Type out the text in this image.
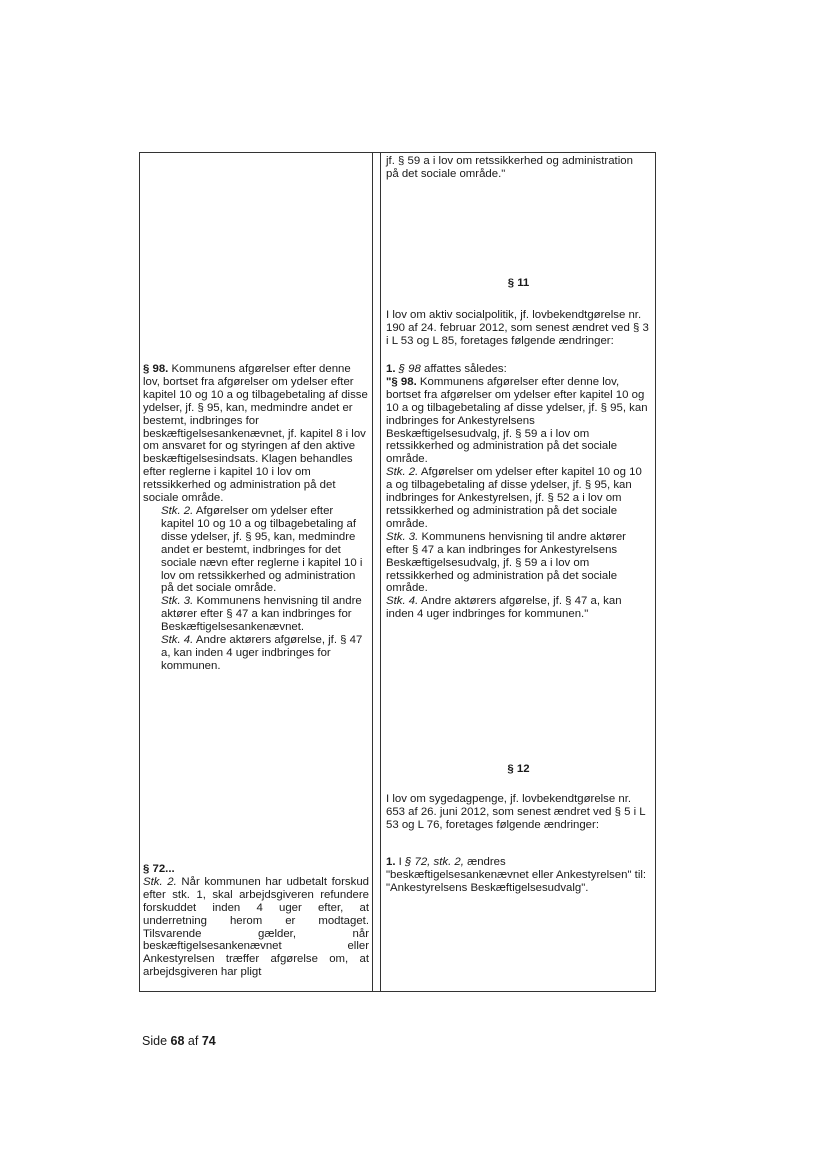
jf. § 59 a i lov om retssikkerhed og administration
på det sociale område."
§ 11
I lov om aktiv socialpolitik, jf. lovbekendtgørelse nr. 190 af 24. februar 2012, som senest ændret ved § 3 i L 53 og L 85, foretages følgende ændringer:
1. § 98 affattes således:
"§ 98. Kommunens afgørelser efter denne lov, bortset fra afgørelser om ydelser efter kapitel 10 og 10 a og tilbagebetaling af disse ydelser, jf. § 95, kan indbringes for Ankestyrelsens Beskæftigelsesudvalg, jf. § 59 a i lov om retssikkerhed og administration på det sociale område.
Stk. 2. Afgørelser om ydelser efter kapitel 10 og 10 a og tilbagebetaling af disse ydelser, jf. § 95, kan indbringes for Ankestyrelsen, jf. § 52 a i lov om retssikkerhed og administration på det sociale område.
Stk. 3. Kommunens henvisning til andre aktører efter § 47 a kan indbringes for Ankestyrelsens Beskæftigelsesudvalg, jf. § 59 a i lov om retssikkerhed og administration på det sociale område.
Stk. 4. Andre aktørers afgørelse, jf. § 47 a, kan inden 4 uger indbringes for kommunen."
§ 98. Kommunens afgørelser efter denne lov, bortset fra afgørelser om ydelser efter kapitel 10 og 10 a og tilbagebetaling af disse ydelser, jf. § 95, kan, medmindre andet er bestemt, indbringes for beskæftigelsesankenævnet, jf. kapitel 8 i lov om ansvaret for og styringen af den aktive beskæftigelsesindsats. Klagen behandles efter reglerne i kapitel 10 i lov om retssikkerhed og administration på det sociale område.
Stk. 2. Afgørelser om ydelser efter kapitel 10 og 10 a og tilbagebetaling af disse ydelser, jf. § 95, kan, medmindre andet er bestemt, indbringes for det sociale nævn efter reglerne i kapitel 10 i lov om retssikkerhed og administration på det sociale område.
Stk. 3. Kommunens henvisning til andre aktører efter § 47 a kan indbringes for Beskæftigelsesankenævnet.
Stk. 4. Andre aktørers afgørelse, jf. § 47 a, kan inden 4 uger indbringes for kommunen.
§ 12
I lov om sygedagpenge, jf. lovbekendtgørelse nr. 653 af 26. juni 2012, som senest ændret ved § 5 i L 53 og L 76, foretages følgende ændringer:
1. I § 72, stk. 2, ændres "beskæftigelsesankenævnet eller Ankestyrelsen" til: "Ankestyrelsens Beskæftigelsesudvalg".
§ 72...
Stk. 2. Når kommunen har udbetalt forskud efter stk. 1, skal arbejdsgiveren refundere forskuddet inden 4 uger efter, at underretning herom er modtaget. Tilsvarende gælder, når beskæftigelsesankenævnet eller Ankestyrelsen træffer afgørelse om, at arbejdsgiveren har pligt
Side 68 af 74
